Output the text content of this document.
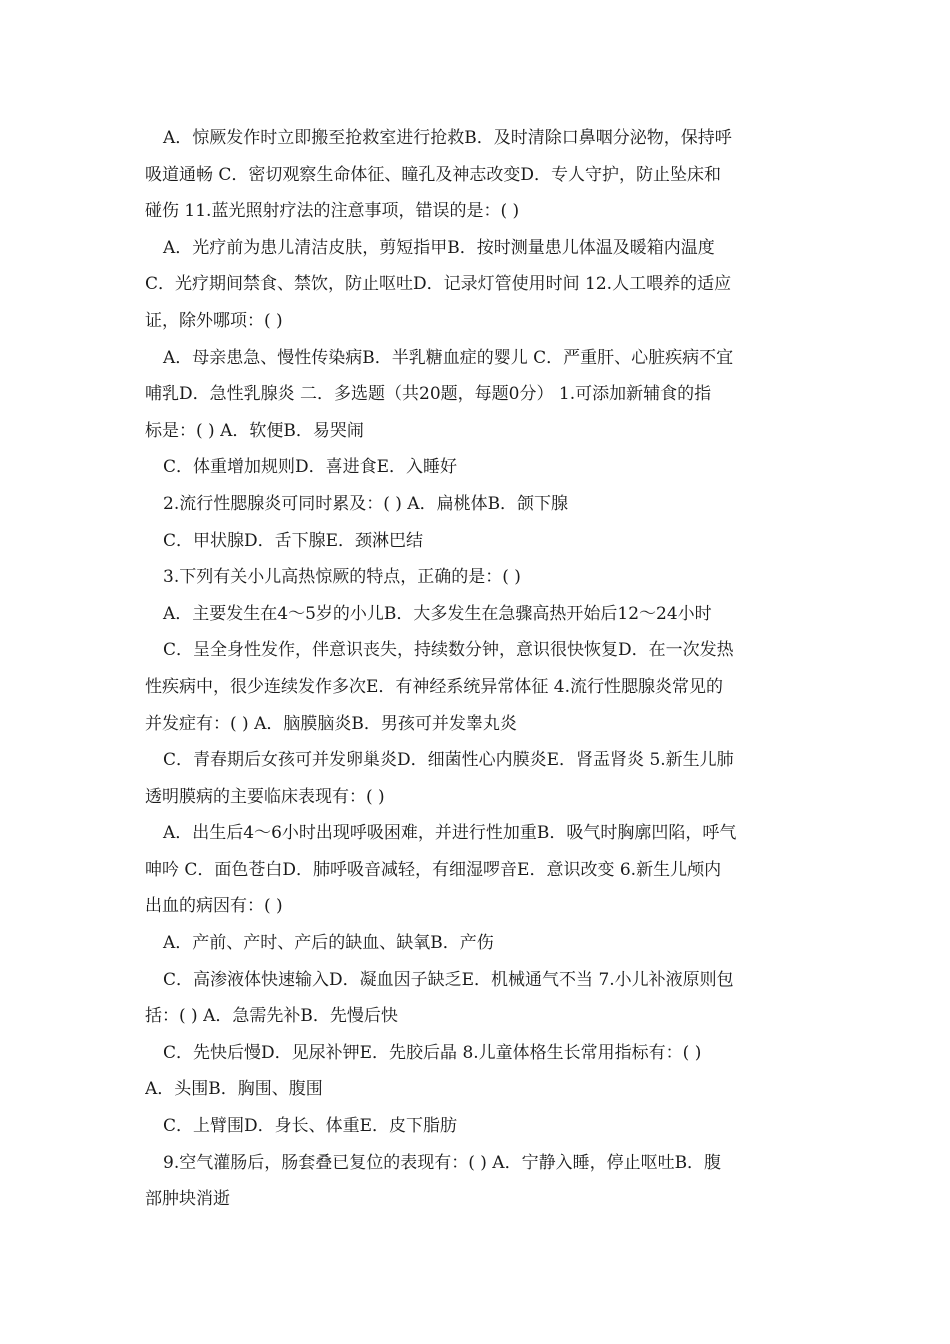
A．惊厥发作时立即搬至抢救室进行抢救B．及时清除口鼻咽分泌物，保持呼
吸道通畅 C．密切观察生命体征、瞳孔及神志改变D．专人守护，防止坠床和
碰伤 11.蓝光照射疗法的注意事项，错误的是：( )
A．光疗前为患儿清洁皮肤，剪短指甲B．按时测量患儿体温及暖箱内温度
C．光疗期间禁食、禁饮，防止呕吐D．记录灯管使用时间 12.人工喂养的适应
证，除外哪项：( )
A．母亲患急、慢性传染病B．半乳糖血症的婴儿 C．严重肝、心脏疾病不宜
哺乳D．急性乳腺炎 二．多选题（共20题，每题0分） 1.可添加新辅食的指
标是：( ) A．软便B．易哭闹
C．体重增加规则D．喜进食E．入睡好
2.流行性腮腺炎可同时累及：( ) A．扁桃体B．颌下腺
C．甲状腺D．舌下腺E．颈淋巴结
3.下列有关小儿高热惊厥的特点，正确的是：( )
A．主要发生在4～5岁的小儿B．大多发生在急骤高热开始后12～24小时
C．呈全身性发作，伴意识丧失，持续数分钟，意识很快恢复D．在一次发热
性疾病中，很少连续发作多次E．有神经系统异常体征 4.流行性腮腺炎常见的
并发症有：( ) A．脑膜脑炎B．男孩可并发睾丸炎
C．青春期后女孩可并发卵巢炎D．细菌性心内膜炎E．肾盂肾炎 5.新生儿肺
透明膜病的主要临床表现有：( )
A．出生后4～6小时出现呼吸困难，并进行性加重B．吸气时胸廓凹陷，呼气
呻吟 C．面色苍白D．肺呼吸音减轻，有细湿啰音E．意识改变 6.新生儿颅内
出血的病因有：( )
A．产前、产时、产后的缺血、缺氧B．产伤
C．高渗液体快速输入D．凝血因子缺乏E．机械通气不当 7.小儿补液原则包
括：( ) A．急需先补B．先慢后快
C．先快后慢D．见尿补钾E．先胶后晶 8.儿童体格生长常用指标有：( )
A．头围B．胸围、腹围
C．上臂围D．身长、体重E．皮下脂肪
9.空气灌肠后，肠套叠已复位的表现有：( ) A．宁静入睡，停止呕吐B．腹
部肿块消逝
